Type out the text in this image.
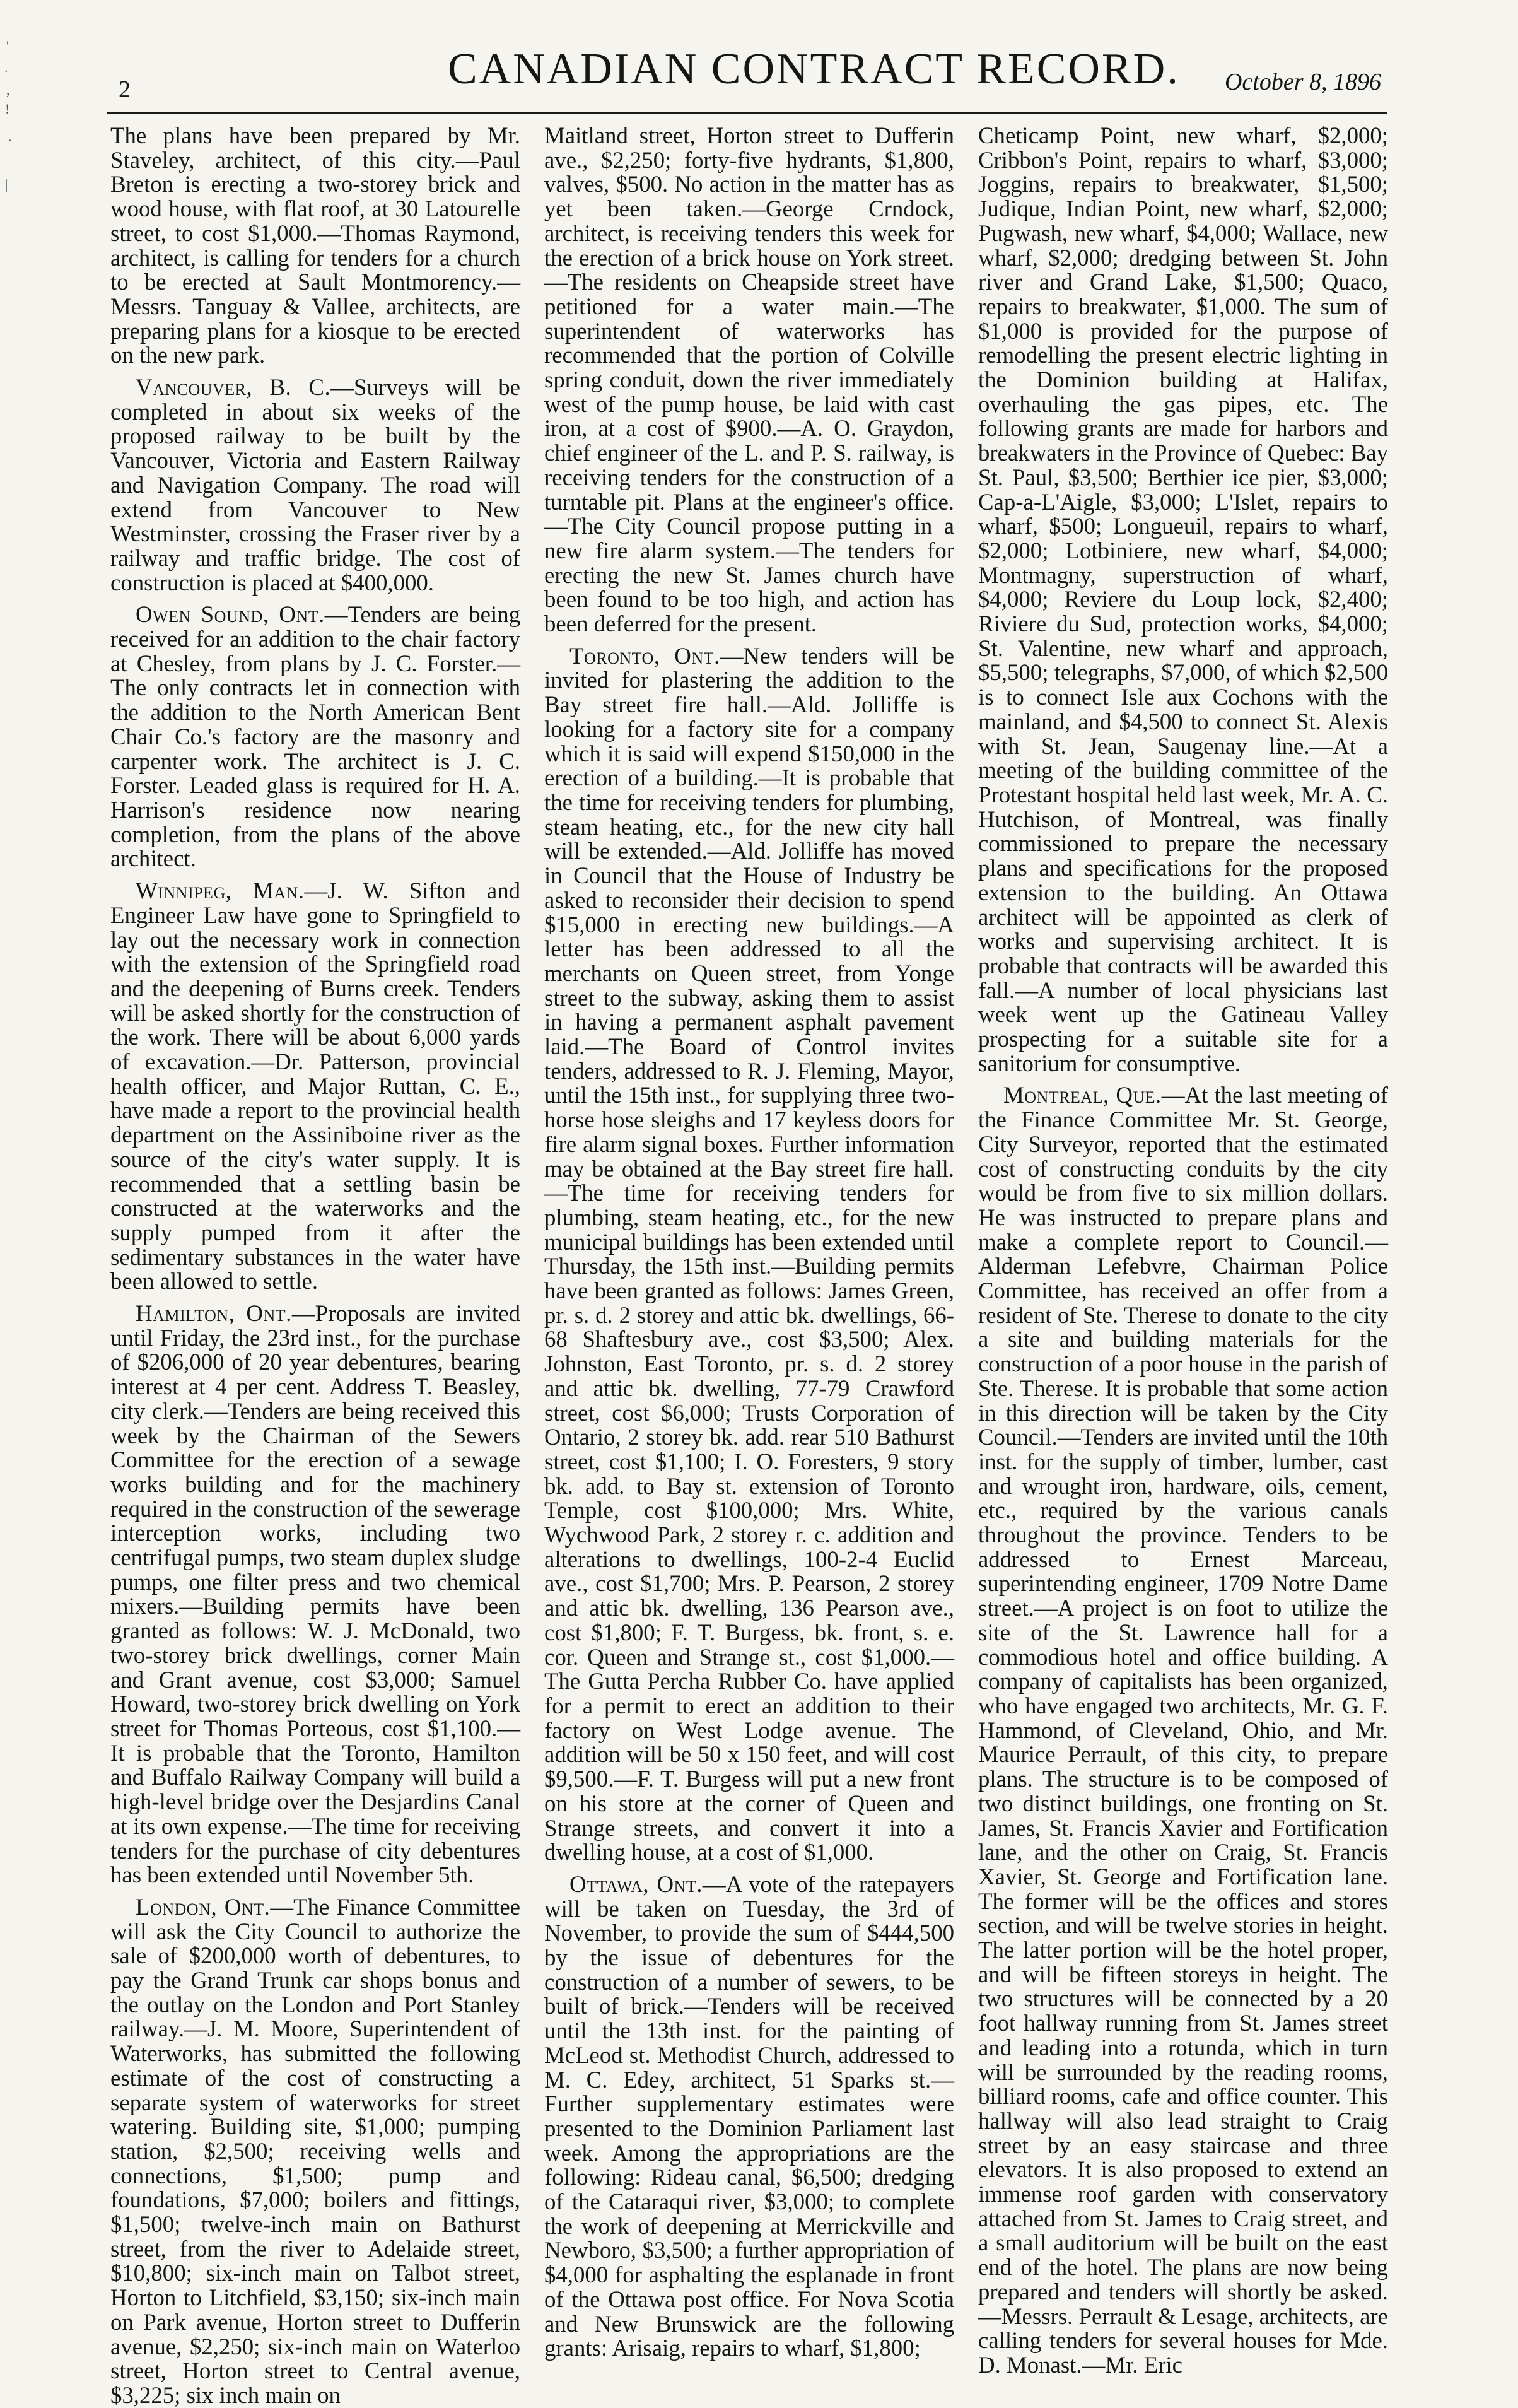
'
·
,
!
·
|
2	CANADIAN CONTRACT RECORD.	October 8, 1896

The plans have been prepared by Mr. Staveley, architect, of this city.—Paul Breton is erecting a two-storey brick and wood house, with flat roof, at 30 Latourelle street, to cost $1,000.—Thomas Raymond, architect, is calling for tenders for a church to be erected at Sault Montmorency.—Messrs. Tanguay & Vallee, architects, are preparing plans for a kiosque to be erected on the new park.

Vancouver, B. C.—Surveys will be completed in about six weeks of the proposed railway to be built by the Vancouver, Victoria and Eastern Railway and Navigation Company. The road will extend from Vancouver to New Westminster, crossing the Fraser river by a railway and traffic bridge. The cost of construction is placed at $400,000.

Owen Sound, Ont.—Tenders are being received for an addition to the chair factory at Chesley, from plans by J. C. Forster.—The only contracts let in connection with the addition to the North American Bent Chair Co.'s factory are the masonry and carpenter work. The architect is J. C. Forster. Leaded glass is required for H. A. Harrison's residence now nearing completion, from the plans of the above architect.

Winnipeg, Man.—J. W. Sifton and Engineer Law have gone to Springfield to lay out the necessary work in connection with the extension of the Springfield road and the deepening of Burns creek. Tenders will be asked shortly for the construction of the work. There will be about 6,000 yards of excavation.—Dr. Patterson, provincial health officer, and Major Ruttan, C. E., have made a report to the provincial health department on the Assiniboine river as the source of the city's water supply. It is recommended that a settling basin be constructed at the waterworks and the supply pumped from it after the sedimentary substances in the water have been allowed to settle.

Hamilton, Ont.—Proposals are invited until Friday, the 23rd inst., for the purchase of $206,000 of 20 year debentures, bearing interest at 4 per cent. Address T. Beasley, city clerk.—Tenders are being received this week by the Chairman of the Sewers Committee for the erection of a sewage works building and for the machinery required in the construction of the sewerage interception works, including two centrifugal pumps, two steam duplex sludge pumps, one filter press and two chemical mixers.—Building permits have been granted as follows: W. J. McDonald, two two-storey brick dwellings, corner Main and Grant avenue, cost $3,000; Samuel Howard, two-storey brick dwelling on York street for Thomas Porteous, cost $1,100.—It is probable that the Toronto, Hamilton and Buffalo Railway Company will build a high-level bridge over the Desjardins Canal at its own expense.—The time for receiving tenders for the purchase of city debentures has been extended until November 5th.

London, Ont.—The Finance Committee will ask the City Council to authorize the sale of $200,000 worth of debentures, to pay the Grand Trunk car shops bonus and the outlay on the London and Port Stanley railway.—J. M. Moore, Superintendent of Waterworks, has submitted the following estimate of the cost of constructing a separate system of waterworks for street watering. Building site, $1,000; pumping station, $2,500; receiving wells and connections, $1,500; pump and foundations, $7,000; boilers and fittings, $1,500; twelve-inch main on Bathurst street, from the river to Adelaide street, $10,800; six-inch main on Talbot street, Horton to Litchfield, $3,150; six-inch main on Park avenue, Horton street to Dufferin avenue, $2,250; six-inch main on Waterloo street, Horton street to Central avenue, $3,225; six inch main on

Maitland street, Horton street to Dufferin ave., $2,250; forty-five hydrants, $1,800, valves, $500. No action in the matter has as yet been taken.—George Crndock, architect, is receiving tenders this week for the erection of a brick house on York street.—The residents on Cheapside street have petitioned for a water main.—The superintendent of waterworks has recommended that the portion of Colville spring conduit, down the river immediately west of the pump house, be laid with cast iron, at a cost of $900.—A. O. Graydon, chief engineer of the L. and P. S. railway, is receiving tenders for the construction of a turntable pit. Plans at the engineer's office.—The City Council propose putting in a new fire alarm system.—The tenders for erecting the new St. James church have been found to be too high, and action has been deferred for the present.

Toronto, Ont.—New tenders will be invited for plastering the addition to the Bay street fire hall.—Ald. Jolliffe is looking for a factory site for a company which it is said will expend $150,000 in the erection of a building.—It is probable that the time for receiving tenders for plumbing, steam heating, etc., for the new city hall will be extended.—Ald. Jolliffe has moved in Council that the House of Industry be asked to reconsider their decision to spend $15,000 in erecting new buildings.—A letter has been addressed to all the merchants on Queen street, from Yonge street to the subway, asking them to assist in having a permanent asphalt pavement laid.—The Board of Control invites tenders, addressed to R. J. Fleming, Mayor, until the 15th inst., for supplying three two-horse hose sleighs and 17 keyless doors for fire alarm signal boxes. Further information may be obtained at the Bay street fire hall.—The time for receiving tenders for plumbing, steam heating, etc., for the new municipal buildings has been extended until Thursday, the 15th inst.—Building permits have been granted as follows: James Green, pr. s. d. 2 storey and attic bk. dwellings, 66-68 Shaftesbury ave., cost $3,500; Alex. Johnston, East Toronto, pr. s. d. 2 storey and attic bk. dwelling, 77-79 Crawford street, cost $6,000; Trusts Corporation of Ontario, 2 storey bk. add. rear 510 Bathurst street, cost $1,100; I. O. Foresters, 9 story bk. add. to Bay st. extension of Toronto Temple, cost $100,000; Mrs. White, Wychwood Park, 2 storey r. c. addition and alterations to dwellings, 100-2-4 Euclid ave., cost $1,700; Mrs. P. Pearson, 2 storey and attic bk. dwelling, 136 Pearson ave., cost $1,800; F. T. Burgess, bk. front, s. e. cor. Queen and Strange st., cost $1,000.—The Gutta Percha Rubber Co. have applied for a permit to erect an addition to their factory on West Lodge avenue. The addition will be 50 x 150 feet, and will cost $9,500.—F. T. Burgess will put a new front on his store at the corner of Queen and Strange streets, and convert it into a dwelling house, at a cost of $1,000.

Ottawa, Ont.—A vote of the ratepayers will be taken on Tuesday, the 3rd of November, to provide the sum of $444,500 by the issue of debentures for the construction of a number of sewers, to be built of brick.—Tenders will be received until the 13th inst. for the painting of McLeod st. Methodist Church, addressed to M. C. Edey, architect, 51 Sparks st.—Further supplementary estimates were presented to the Dominion Parliament last week. Among the appropriations are the following: Rideau canal, $6,500; dredging of the Cataraqui river, $3,000; to complete the work of deepening at Merrickville and Newboro, $3,500; a further appropriation of $4,000 for asphalting the esplanade in front of the Ottawa post office. For Nova Scotia and New Brunswick are the following grants: Arisaig, repairs to wharf, $1,800;

Cheticamp Point, new wharf, $2,000; Cribbon's Point, repairs to wharf, $3,000; Joggins, repairs to breakwater, $1,500; Judique, Indian Point, new wharf, $2,000; Pugwash, new wharf, $4,000; Wallace, new wharf, $2,000; dredging between St. John river and Grand Lake, $1,500; Quaco, repairs to breakwater, $1,000. The sum of $1,000 is provided for the purpose of remodelling the present electric lighting in the Dominion building at Halifax, overhauling the gas pipes, etc. The following grants are made for harbors and breakwaters in the Province of Quebec: Bay St. Paul, $3,500; Berthier ice pier, $3,000; Cap-a-L'Aigle, $3,000; L'Islet, repairs to wharf, $500; Longueuil, repairs to wharf, $2,000; Lotbiniere, new wharf, $4,000; Montmagny, superstruction of wharf, $4,000; Reviere du Loup lock, $2,400; Riviere du Sud, protection works, $4,000; St. Valentine, new wharf and approach, $5,500; telegraphs, $7,000, of which $2,500 is to connect Isle aux Cochons with the mainland, and $4,500 to connect St. Alexis with St. Jean, Saugenay line.—At a meeting of the building committee of the Protestant hospital held last week, Mr. A. C. Hutchison, of Montreal, was finally commissioned to prepare the necessary plans and specifications for the proposed extension to the building. An Ottawa architect will be appointed as clerk of works and supervising architect. It is probable that contracts will be awarded this fall.—A number of local physicians last week went up the Gatineau Valley prospecting for a suitable site for a sanitorium for consumptive.

Montreal, Que.—At the last meeting of the Finance Committee Mr. St. George, City Surveyor, reported that the estimated cost of constructing conduits by the city would be from five to six million dollars. He was instructed to prepare plans and make a complete report to Council.—Alderman Lefebvre, Chairman Police Committee, has received an offer from a resident of Ste. Therese to donate to the city a site and building materials for the construction of a poor house in the parish of Ste. Therese. It is probable that some action in this direction will be taken by the City Council.—Tenders are invited until the 10th inst. for the supply of timber, lumber, cast and wrought iron, hardware, oils, cement, etc., required by the various canals throughout the province. Tenders to be addressed to Ernest Marceau, superintending engineer, 1709 Notre Dame street.—A project is on foot to utilize the site of the St. Lawrence hall for a commodious hotel and office building. A company of capitalists has been organized, who have engaged two architects, Mr. G. F. Hammond, of Cleveland, Ohio, and Mr. Maurice Perrault, of this city, to prepare plans. The structure is to be composed of two distinct buildings, one fronting on St. James, St. Francis Xavier and Fortification lane, and the other on Craig, St. Francis Xavier, St. George and Fortification lane. The former will be the offices and stores section, and will be twelve stories in height. The latter portion will be the hotel proper, and will be fifteen storeys in height. The two structures will be connected by a 20 foot hallway running from St. James street and leading into a rotunda, which in turn will be surrounded by the reading rooms, billiard rooms, cafe and office counter. This hallway will also lead straight to Craig street by an easy staircase and three elevators. It is also proposed to extend an immense roof garden with conservatory attached from St. James to Craig street, and a small auditorium will be built on the east end of the hotel. The plans are now being prepared and tenders will shortly be asked.—Messrs. Perrault & Lesage, architects, are calling tenders for several houses for Mde. D. Monast.—Mr. Eric
